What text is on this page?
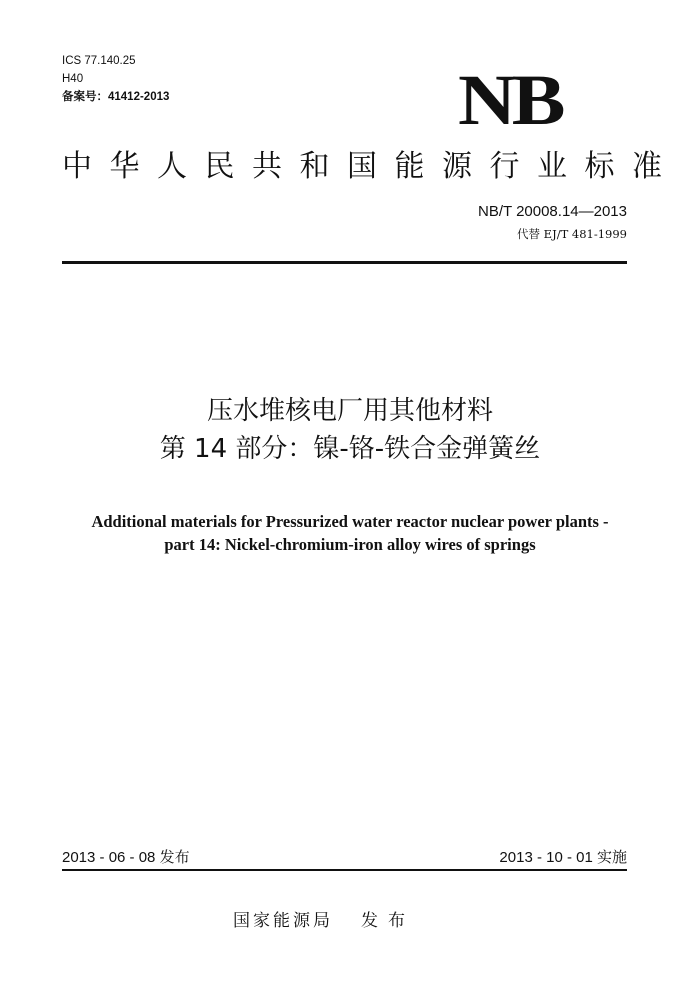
ICS 77.140.25
H40
备案号：41412-2013	NB
中华人民共和国能源行业标准
NB/T 20008.14—2013
代替 EJ/T 481-1999
压水堆核电厂用其他材料
第 14 部分：镍-铬-铁合金弹簧丝
Additional materials for Pressurized water reactor nuclear power plants -
part 14: Nickel-chromium-iron alloy wires of springs
2013 - 06 - 08 发布	2013 - 10 - 01 实施
国家能源局 发布
